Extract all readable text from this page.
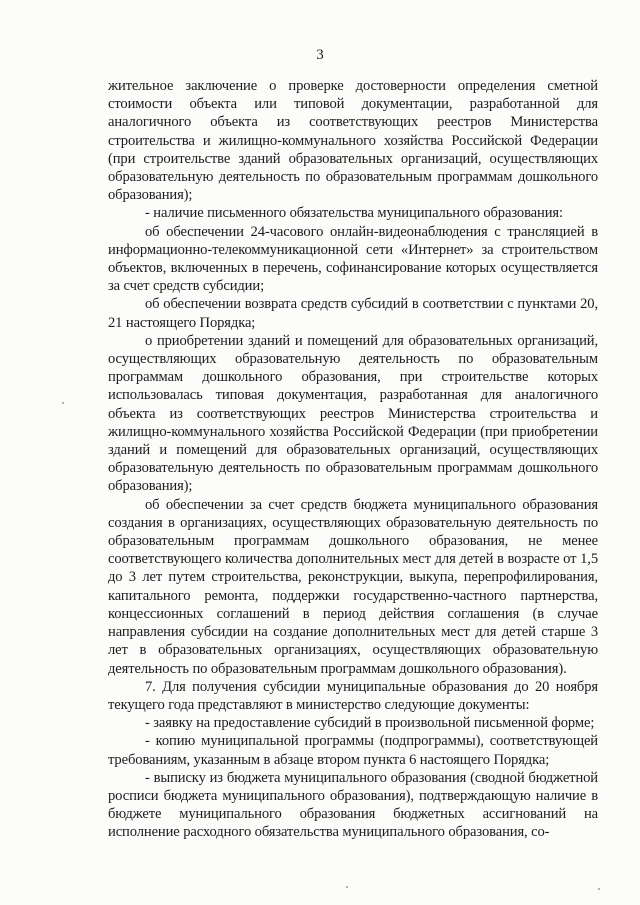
3

жительное заключение о проверке достоверности определения сметной стоимости объекта или типовой документации, разработанной для аналогичного объекта из соответствующих реестров Министерства строительства и жилищно-коммунального хозяйства Российской Федерации (при строительстве зданий образовательных организаций, осуществляющих образовательную деятельность по образовательным программам дошкольного образования);

- наличие письменного обязательства муниципального образования:

об обеспечении 24-часового онлайн-видеонаблюдения с трансляцией в информационно-телекоммуникационной сети «Интернет» за строительством объектов, включенных в перечень, софинансирование которых осуществляется за счет средств субсидии;

об обеспечении возврата средств субсидий в соответствии с пунктами 20, 21 настоящего Порядка;

о приобретении зданий и помещений для образовательных организаций, осуществляющих образовательную деятельность по образовательным программам дошкольного образования, при строительстве которых использовалась типовая документация, разработанная для аналогичного объекта из соответствующих реестров Министерства строительства и жилищно-коммунального хозяйства Российской Федерации (при приобретении зданий и помещений для образовательных организаций, осуществляющих образовательную деятельность по образовательным программам дошкольного образования);

об обеспечении за счет средств бюджета муниципального образования создания в организациях, осуществляющих образовательную деятельность по образовательным программам дошкольного образования, не менее соответствующего количества дополнительных мест для детей в возрасте от 1,5 до 3 лет путем строительства, реконструкции, выкупа, перепрофилирования, капитального ремонта, поддержки государственно-частного партнерства, концессионных соглашений в период действия соглашения (в случае направления субсидии на создание дополнительных мест для детей старше 3 лет в образовательных организациях, осуществляющих образовательную деятельность по образовательным программам дошкольного образования).

7. Для получения субсидии муниципальные образования до 20 ноября текущего года представляют в министерство следующие документы:

- заявку на предоставление субсидий в произвольной письменной форме;

- копию муниципальной программы (подпрограммы), соответствующей требованиям, указанным в абзаце втором пункта 6 настоящего Порядка;

- выписку из бюджета муниципального образования (сводной бюджетной росписи бюджета муниципального образования), подтверждающую наличие в бюджете муниципального образования бюджетных ассигнований на исполнение расходного обязательства муниципального образования, со-
